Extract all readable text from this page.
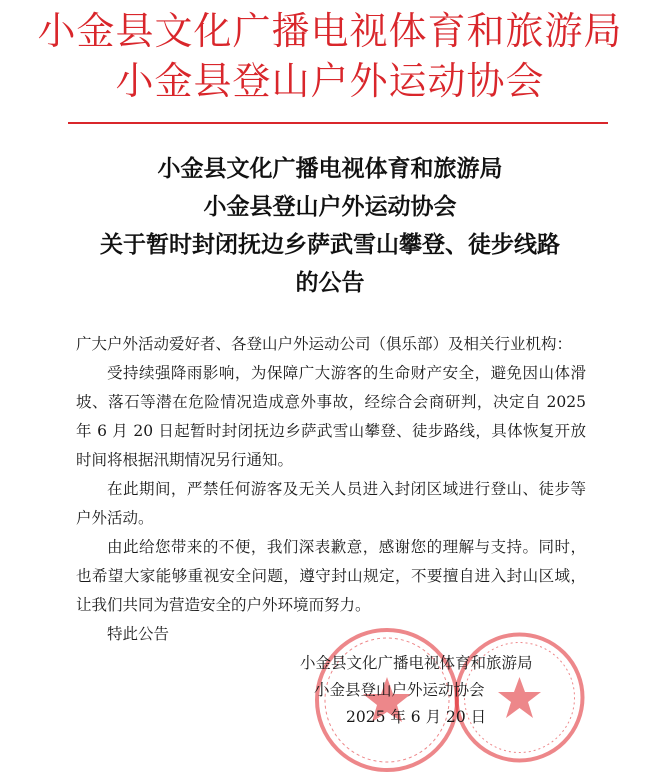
小金县文化广播电视体育和旅游局
小金县登山户外运动协会
小金县文化广播电视体育和旅游局
小金县登山户外运动协会
关于暂时封闭抚边乡萨武雪山攀登、徒步线路
的公告

广大户外活动爱好者、各登山户外运动公司（俱乐部）及相关行业机构：

受持续强降雨影响，为保障广大游客的生命财产安全，避免因山体滑坡、落石等潜在危险情况造成意外事故，经综合会商研判，决定自 2025 年 6 月 20 日起暂时封闭抚边乡萨武雪山攀登、徒步路线，具体恢复开放时间将根据汛期情况另行通知。

在此期间，严禁任何游客及无关人员进入封闭区域进行登山、徒步等户外活动。

由此给您带来的不便，我们深表歉意，感谢您的理解与支持。同时，也希望大家能够重视安全问题，遵守封山规定，不要擅自进入封山区域，让我们共同为营造安全的户外环境而努力。

特此公告

小金县文化广播电视体育和旅游局
小金县登山户外运动协会
2025 年 6 月 20 日
